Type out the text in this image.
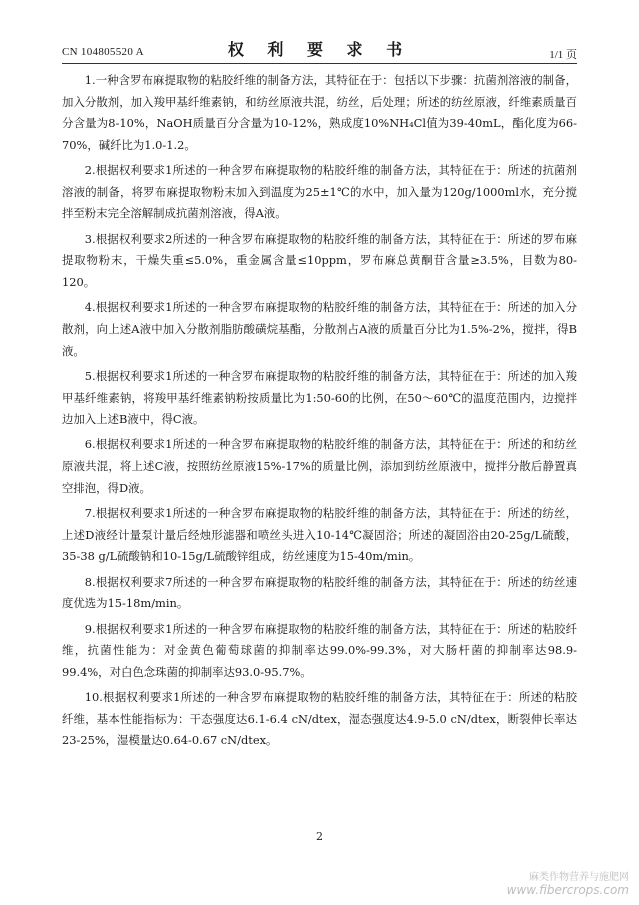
CN 104805520 A	权 利 要 求 书	1/1 页

1.一种含罗布麻提取物的粘胶纤维的制备方法，其特征在于：包括以下步骤：抗菌剂溶液的制备，加入分散剂，加入羧甲基纤维素钠，和纺丝原液共混，纺丝，后处理；所述的纺丝原液，纤维素质量百分含量为8-10%，NaOH质量百分含量为10-12%，熟成度10%NH₄Cl值为39-40mL，酯化度为66-70%，碱纤比为1.0-1.2。

2.根据权利要求1所述的一种含罗布麻提取物的粘胶纤维的制备方法，其特征在于：所述的抗菌剂溶液的制备，将罗布麻提取物粉末加入到温度为25±1℃的水中，加入量为120g/1000ml水，充分搅拌至粉末完全溶解制成抗菌剂溶液，得A液。

3.根据权利要求2所述的一种含罗布麻提取物的粘胶纤维的制备方法，其特征在于：所述的罗布麻提取物粉末，干燥失重≤5.0%，重金属含量≤10ppm，罗布麻总黄酮苷含量≥3.5%，目数为80-120。

4.根据权利要求1所述的一种含罗布麻提取物的粘胶纤维的制备方法，其特征在于：所述的加入分散剂，向上述A液中加入分散剂脂肪酸磺烷基酯，分散剂占A液的质量百分比为1.5%-2%，搅拌，得B液。

5.根据权利要求1所述的一种含罗布麻提取物的粘胶纤维的制备方法，其特征在于：所述的加入羧甲基纤维素钠，将羧甲基纤维素钠粉按质量比为1:50-60的比例，在50～60℃的温度范围内，边搅拌边加入上述B液中，得C液。

6.根据权利要求1所述的一种含罗布麻提取物的粘胶纤维的制备方法，其特征在于：所述的和纺丝原液共混，将上述C液，按照纺丝原液15%-17%的质量比例，添加到纺丝原液中，搅拌分散后静置真空排泡，得D液。

7.根据权利要求1所述的一种含罗布麻提取物的粘胶纤维的制备方法，其特征在于：所述的纺丝，上述D液经计量泵计量后经烛形滤器和喷丝头进入10-14℃凝固浴；所述的凝固浴由20-25g/L硫酸，35-38 g/L硫酸钠和10-15g/L硫酸锌组成，纺丝速度为15-40m/min。

8.根据权利要求7所述的一种含罗布麻提取物的粘胶纤维的制备方法，其特征在于：所述的纺丝速度优选为15-18m/min。

9.根据权利要求1所述的一种含罗布麻提取物的粘胶纤维的制备方法，其特征在于：所述的粘胶纤维，抗菌性能为：对金黄色葡萄球菌的抑制率达99.0%-99.3%，对大肠杆菌的抑制率达98.9-99.4%，对白色念珠菌的抑制率达93.0-95.7%。

10.根据权利要求1所述的一种含罗布麻提取物的粘胶纤维的制备方法，其特征在于：所述的粘胶纤维，基本性能指标为：干态强度达6.1-6.4 cN/dtex，湿态强度达4.9-5.0 cN/dtex，断裂伸长率达23-25%，湿模量达0.64-0.67 cN/dtex。

2
麻类作物营养与施肥网
www.fibercrops.com
